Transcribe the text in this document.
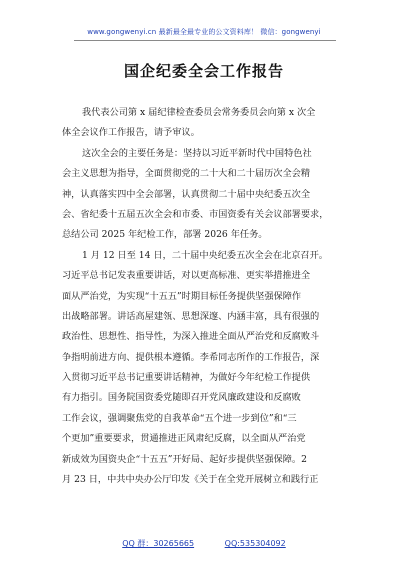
www.gongwenyi.cn 最新最全最专业的公文资料库！ 微信：gongwenyi
国企纪委全会工作报告
我代表公司第 x 届纪律检查委员会常务委员会向第 x 次全
体全会议作工作报告，请予审议。
这次全会的主要任务是：坚持以习近平新时代中国特色社
会主义思想为指导，全面贯彻党的二十大和二十届历次全会精
神，认真落实四中全会部署，认真贯彻二十届中央纪委五次全
会、省纪委十五届五次全会和市委、市国资委有关会议部署要求，
总结公司 2025 年纪检工作，部署 2026 年任务。
1 月 12 日至 14 日，二十届中央纪委五次全会在北京召开。
习近平总书记发表重要讲话，对以更高标准、更实举措推进全
面从严治党，为实现“十五五”时期目标任务提供坚强保障作
出战略部署。讲话高屋建瓴、思想深邃、内涵丰富，具有很强的
政治性、思想性、指导性，为深入推进全面从严治党和反腐败斗
争指明前进方向、提供根本遵循。李希同志所作的工作报告，深
入贯彻习近平总书记重要讲话精神，为做好今年纪检工作提供
有力指引。国务院国资委党随即召开党风廉政建设和反腐败
工作会议，强调聚焦党的自我革命“五个进一步到位”和“三
个更加”重要要求，贯通推进正风肃纪反腐，以全面从严治党
新成效为国资央企“十五五”开好局、起好步提供坚强保障。2
月 23 日，中共中央办公厅印发《关于在全党开展树立和践行正
QQ 群：30265665	QQ:535304092
